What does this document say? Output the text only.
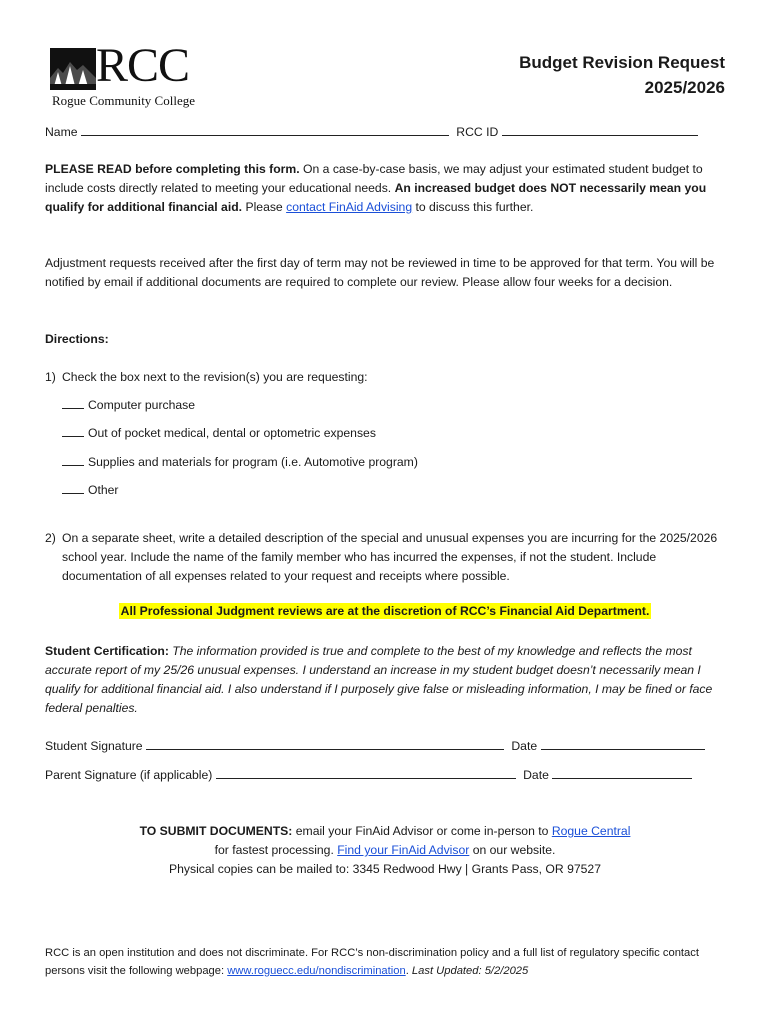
RCC
Rogue Community College
Budget Revision Request
2025/2026
Name	RCC ID
PLEASE READ before completing this form. On a case-by-case basis, we may adjust your estimated student budget to include costs directly related to meeting your educational needs. An increased budget does NOT necessarily mean you qualify for additional financial aid. Please contact FinAid Advising to discuss this further.
Adjustment requests received after the first day of term may not be reviewed in time to be approved for that term. You will be notified by email if additional documents are required to complete our review. Please allow four weeks for a decision.
Directions:
1) Check the box next to the revision(s) you are requesting:
Computer purchase
Out of pocket medical, dental or optometric expenses
Supplies and materials for program (i.e. Automotive program)
Other
2) On a separate sheet, write a detailed description of the special and unusual expenses you are incurring for the 2025/2026 school year. Include the name of the family member who has incurred the expenses, if not the student. Include documentation of all expenses related to your request and receipts where possible.
All Professional Judgment reviews are at the discretion of RCC’s Financial Aid Department.
Student Certification: The information provided is true and complete to the best of my knowledge and reflects the most accurate report of my 25/26 unusual expenses. I understand an increase in my student budget doesn’t necessarily mean I qualify for additional financial aid. I also understand if I purposely give false or misleading information, I may be fined or face federal penalties.
Student Signature	Date
Parent Signature (if applicable)	Date
TO SUBMIT DOCUMENTS: email your FinAid Advisor or come in-person to Rogue Central
for fastest processing. Find your FinAid Advisor on our website.
Physical copies can be mailed to: 3345 Redwood Hwy | Grants Pass, OR 97527
RCC is an open institution and does not discriminate. For RCC’s non-discrimination policy and a full list of regulatory specific contact persons visit the following webpage: www.roguecc.edu/nondiscrimination. Last Updated: 5/2/2025
